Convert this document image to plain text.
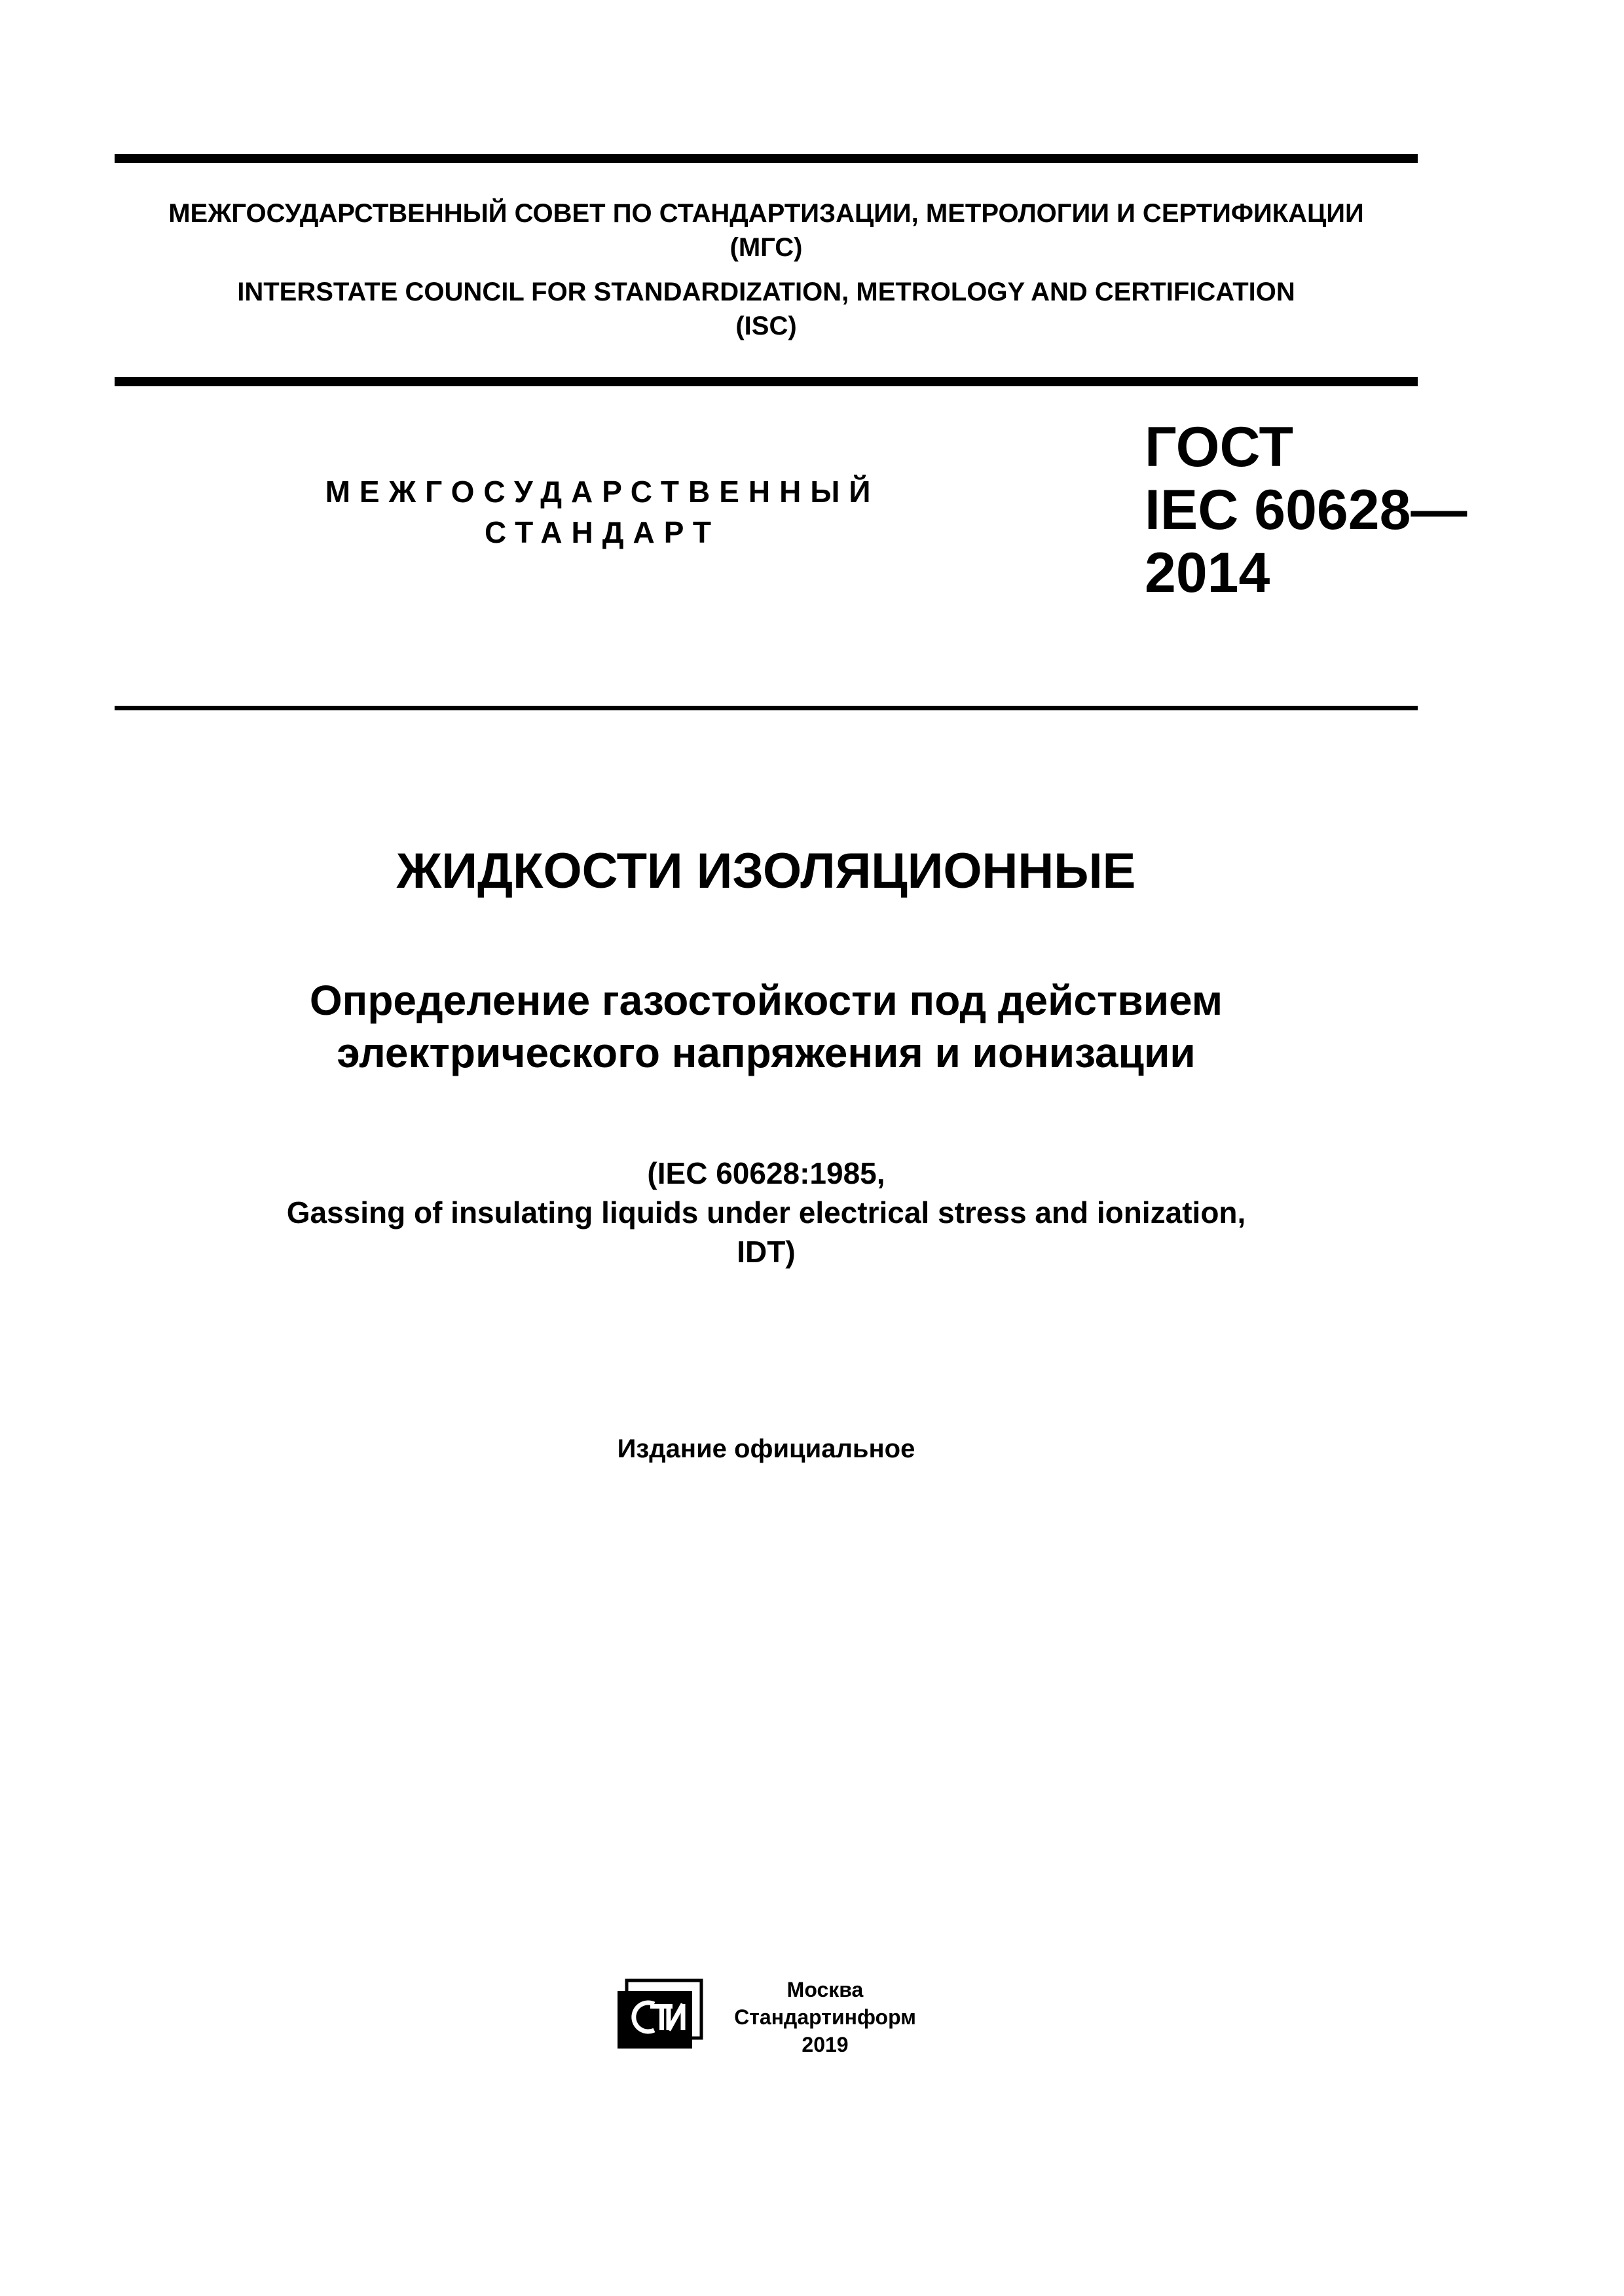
МЕЖГОСУДАРСТВЕННЫЙ СОВЕТ ПО СТАНДАРТИЗАЦИИ, МЕТРОЛОГИИ И СЕРТИФИКАЦИИ
(МГС)
INTERSTATE COUNCIL FOR STANDARDIZATION, METROLOGY AND CERTIFICATION
(ISC)
МЕЖГОСУДАРСТВЕННЫЙ
СТАНДАРТ
ГОСТ
IEC 60628—
2014
ЖИДКОСТИ ИЗОЛЯЦИОННЫЕ
Определение газостойкости под действием
электрического напряжения и ионизации
(IEC 60628:1985,
Gassing of insulating liquids under electrical stress and ionization,
IDT)
Издание официальное
Москва
Стандартинформ
2019
